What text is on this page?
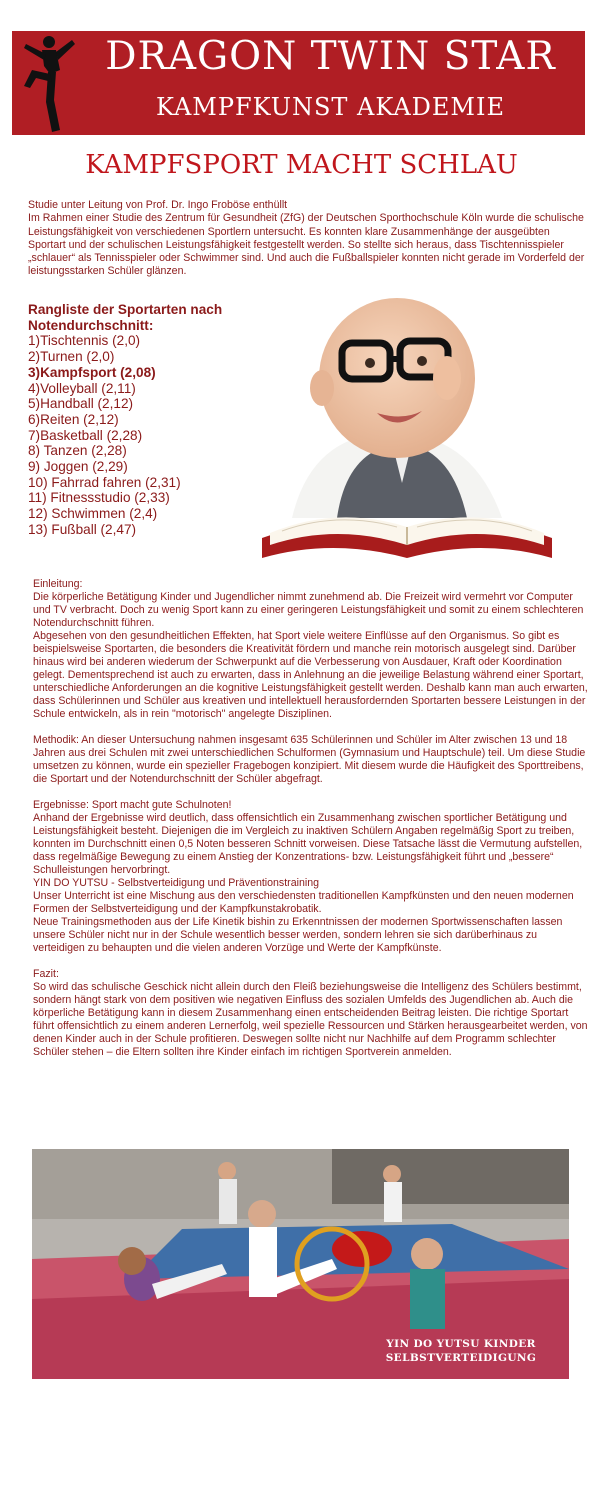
DRAGON TWIN STAR
KAMPFKUNST AKADEMIE
KAMPFSPORT MACHT SCHLAU
Studie unter Leitung von Prof. Dr. Ingo Froböse enthüllt
Im Rahmen einer Studie des Zentrum für Gesundheit (ZfG) der Deutschen Sporthochschule Köln wurde die schulische Leistungsfähigkeit von verschiedenen Sportlern untersucht. Es konnten klare Zusammenhänge der ausgeübten Sportart und der schulischen Leistungsfähigkeit festgestellt werden. So stellte sich heraus, dass Tischtennisspieler „schlauer“ als Tennisspieler oder Schwimmer sind. Und auch die Fußballspieler konnten nicht gerade im Vorderfeld der leistungsstarken Schüler glänzen.
Rangliste der Sportarten nach Notendurchschnitt:
1)Tischtennis (2,0)
2)Turnen (2,0)
3)Kampfsport (2,08)
4)Volleyball (2,11)
5)Handball (2,12)
6)Reiten (2,12)
7)Basketball (2,28)
8) Tanzen (2,28)
9) Joggen (2,29)
10) Fahrrad fahren (2,31)
11) Fitnessstudio (2,33)
12) Schwimmen (2,4)
13) Fußball (2,47)

Einleitung:

Die körperliche Betätigung Kinder und Jugendlicher nimmt zunehmend ab. Die Freizeit wird vermehrt vor Computer und TV verbracht. Doch zu wenig Sport kann zu einer geringeren Leistungsfähigkeit und somit zu einem schlechteren Notendurchschnitt führen.

Abgesehen von den gesundheitlichen Effekten, hat Sport viele weitere Einflüsse auf den Organismus. So gibt es beispielsweise Sportarten, die besonders die Kreativität fördern und manche rein motorisch ausgelegt sind. Darüber hinaus wird bei anderen wiederum der Schwerpunkt auf die Verbesserung von Ausdauer, Kraft oder Koordination gelegt. Dementsprechend ist auch zu erwarten, dass in Anlehnung an die jeweilige Belastung während einer Sportart, unterschiedliche Anforderungen an die kognitive Leistungsfähigkeit gestellt werden. Deshalb kann man auch erwarten, dass Schülerinnen und Schüler aus kreativen und intellektuell herausfordernden Sportarten bessere Leistungen in der Schule entwickeln, als in rein "motorisch" angelegte Disziplinen.

Methodik: An dieser Untersuchung nahmen insgesamt 635 Schülerinnen und Schüler im Alter zwischen 13 und 18 Jahren aus drei Schulen mit zwei unterschiedlichen Schulformen (Gymnasium und Hauptschule) teil. Um diese Studie umsetzen zu können, wurde ein spezieller Fragebogen konzipiert. Mit diesem wurde die Häufigkeit des Sporttreibens, die Sportart und der Notendurchschnitt der Schüler abgefragt.

Ergebnisse: Sport macht gute Schulnoten!

Anhand der Ergebnisse wird deutlich, dass offensichtlich ein Zusammenhang zwischen sportlicher Betätigung und Leistungsfähigkeit besteht. Diejenigen die im Vergleich zu inaktiven Schülern Angaben regelmäßig Sport zu treiben, konnten im Durchschnitt einen 0,5 Noten besseren Schnitt vorweisen. Diese Tatsache lässt die Vermutung aufstellen, dass regelmäßige Bewegung zu einem Anstieg der Konzentrations- bzw. Leistungsfähigkeit führt und „bessere“ Schulleistungen hervorbringt.

YIN DO YUTSU - Selbstverteidigung und Präventionstraining

Unser Unterricht ist eine Mischung aus den verschiedensten traditionellen Kampfkünsten und den neuen modernen Formen der Selbstverteidigung und der Kampfkunstakrobatik.

Neue Trainingsmethoden aus der Life Kinetik bishin zu Erkenntnissen der modernen Sportwissenschaften lassen unsere Schüler nicht nur in der Schule wesentlich besser werden, sondern lehren sie sich darüberhinaus zu verteidigen zu behaupten und die vielen anderen Vorzüge und Werte der Kampfkünste.

Fazit:

So wird das schulische Geschick nicht allein durch den Fleiß beziehungsweise die Intelligenz des Schülers bestimmt, sondern hängt stark von dem positiven wie negativen Einfluss des sozialen Umfelds des Jugendlichen ab. Auch die körperliche Betätigung kann in diesem Zusammenhang einen entscheidenden Beitrag leisten. Die richtige Sportart führt offensichtlich zu einem anderen Lernerfolg, weil spezielle Ressourcen und Stärken herausgearbeitet werden, von denen Kinder auch in der Schule profitieren. Deswegen sollte nicht nur Nachhilfe auf dem Programm schlechter Schüler stehen – die Eltern sollten ihre Kinder einfach im richtigen Sportverein anmelden.

YIN DO YUTSU KINDER
SELBSTVERTEIDIGUNG
